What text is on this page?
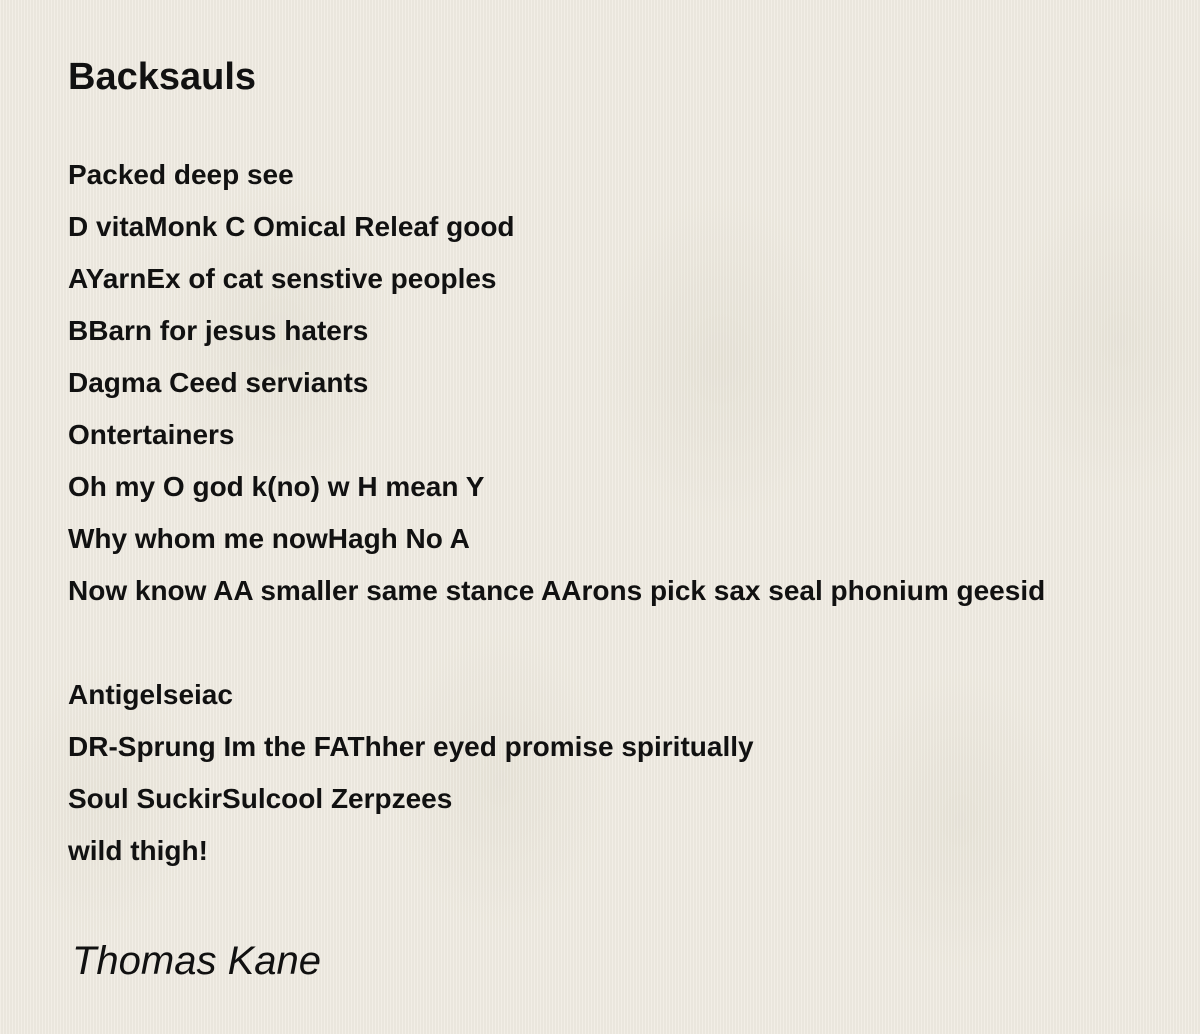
Backsauls

Packed deep see
D vitaMonk C Omical Releaf good
AYarnEx of cat senstive peoples
BBarn for jesus haters
Dagma Ceed serviants
Ontertainers
Oh my O god k(no) w H mean Y
Why whom me nowHagh No A
Now know AA smaller same stance AArons pick sax seal phonium geesid

Antigelseiac
DR-Sprung Im the FAThher eyed promise spiritually
Soul SuckirSulcool Zerpzees
wild thigh!

Thomas Kane
